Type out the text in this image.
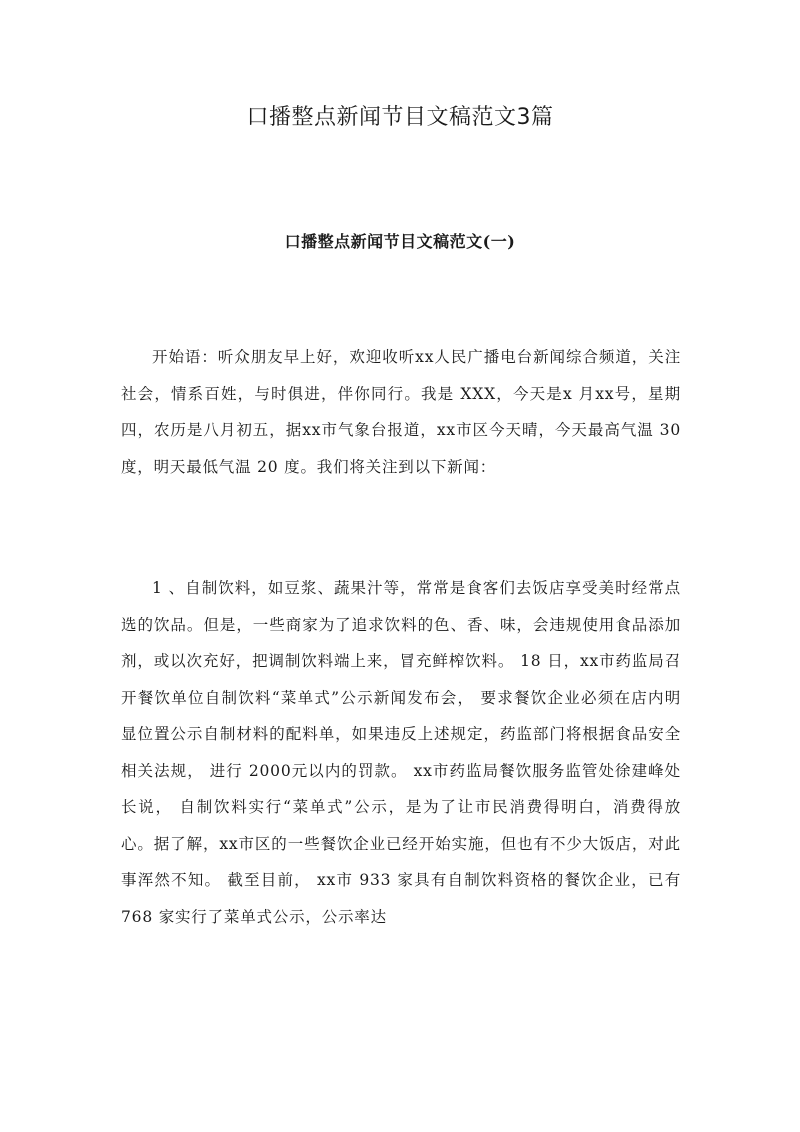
口播整点新闻节目文稿范文3篇
口播整点新闻节目文稿范文(一)

开始语：听众朋友早上好，欢迎收听xx人民广播电台新闻综合频道，关注社会，情系百姓，与时俱进，伴你同行。我是 XXX，今天是x 月xx号，星期四，农历是八月初五，据xx市气象台报道，xx市区今天晴，今天最高气温 30 度，明天最低气温 20 度。我们将关注到以下新闻：

1 、自制饮料，如豆浆、蔬果汁等，常常是食客们去饭店享受美时经常点选的饮品。但是，一些商家为了追求饮料的色、香、味，会违规使用食品添加剂，或以次充好，把调制饮料端上来，冒充鲜榨饮料。 18 日，xx市药监局召开餐饮单位自制饮料“菜单式”公示新闻发布会， 要求餐饮企业必须在店内明显位置公示自制材料的配料单，如果违反上述规定，药监部门将根据食品安全相关法规， 进行 2000元以内的罚款。 xx市药监局餐饮服务监管处徐建峰处长说， 自制饮料实行“菜单式”公示，是为了让市民消费得明白，消费得放心。据了解，xx市区的一些餐饮企业已经开始实施，但也有不少大饭店，对此事浑然不知。 截至目前， xx市 933 家具有自制饮料资格的餐饮企业，已有 768 家实行了菜单式公示，公示率达
